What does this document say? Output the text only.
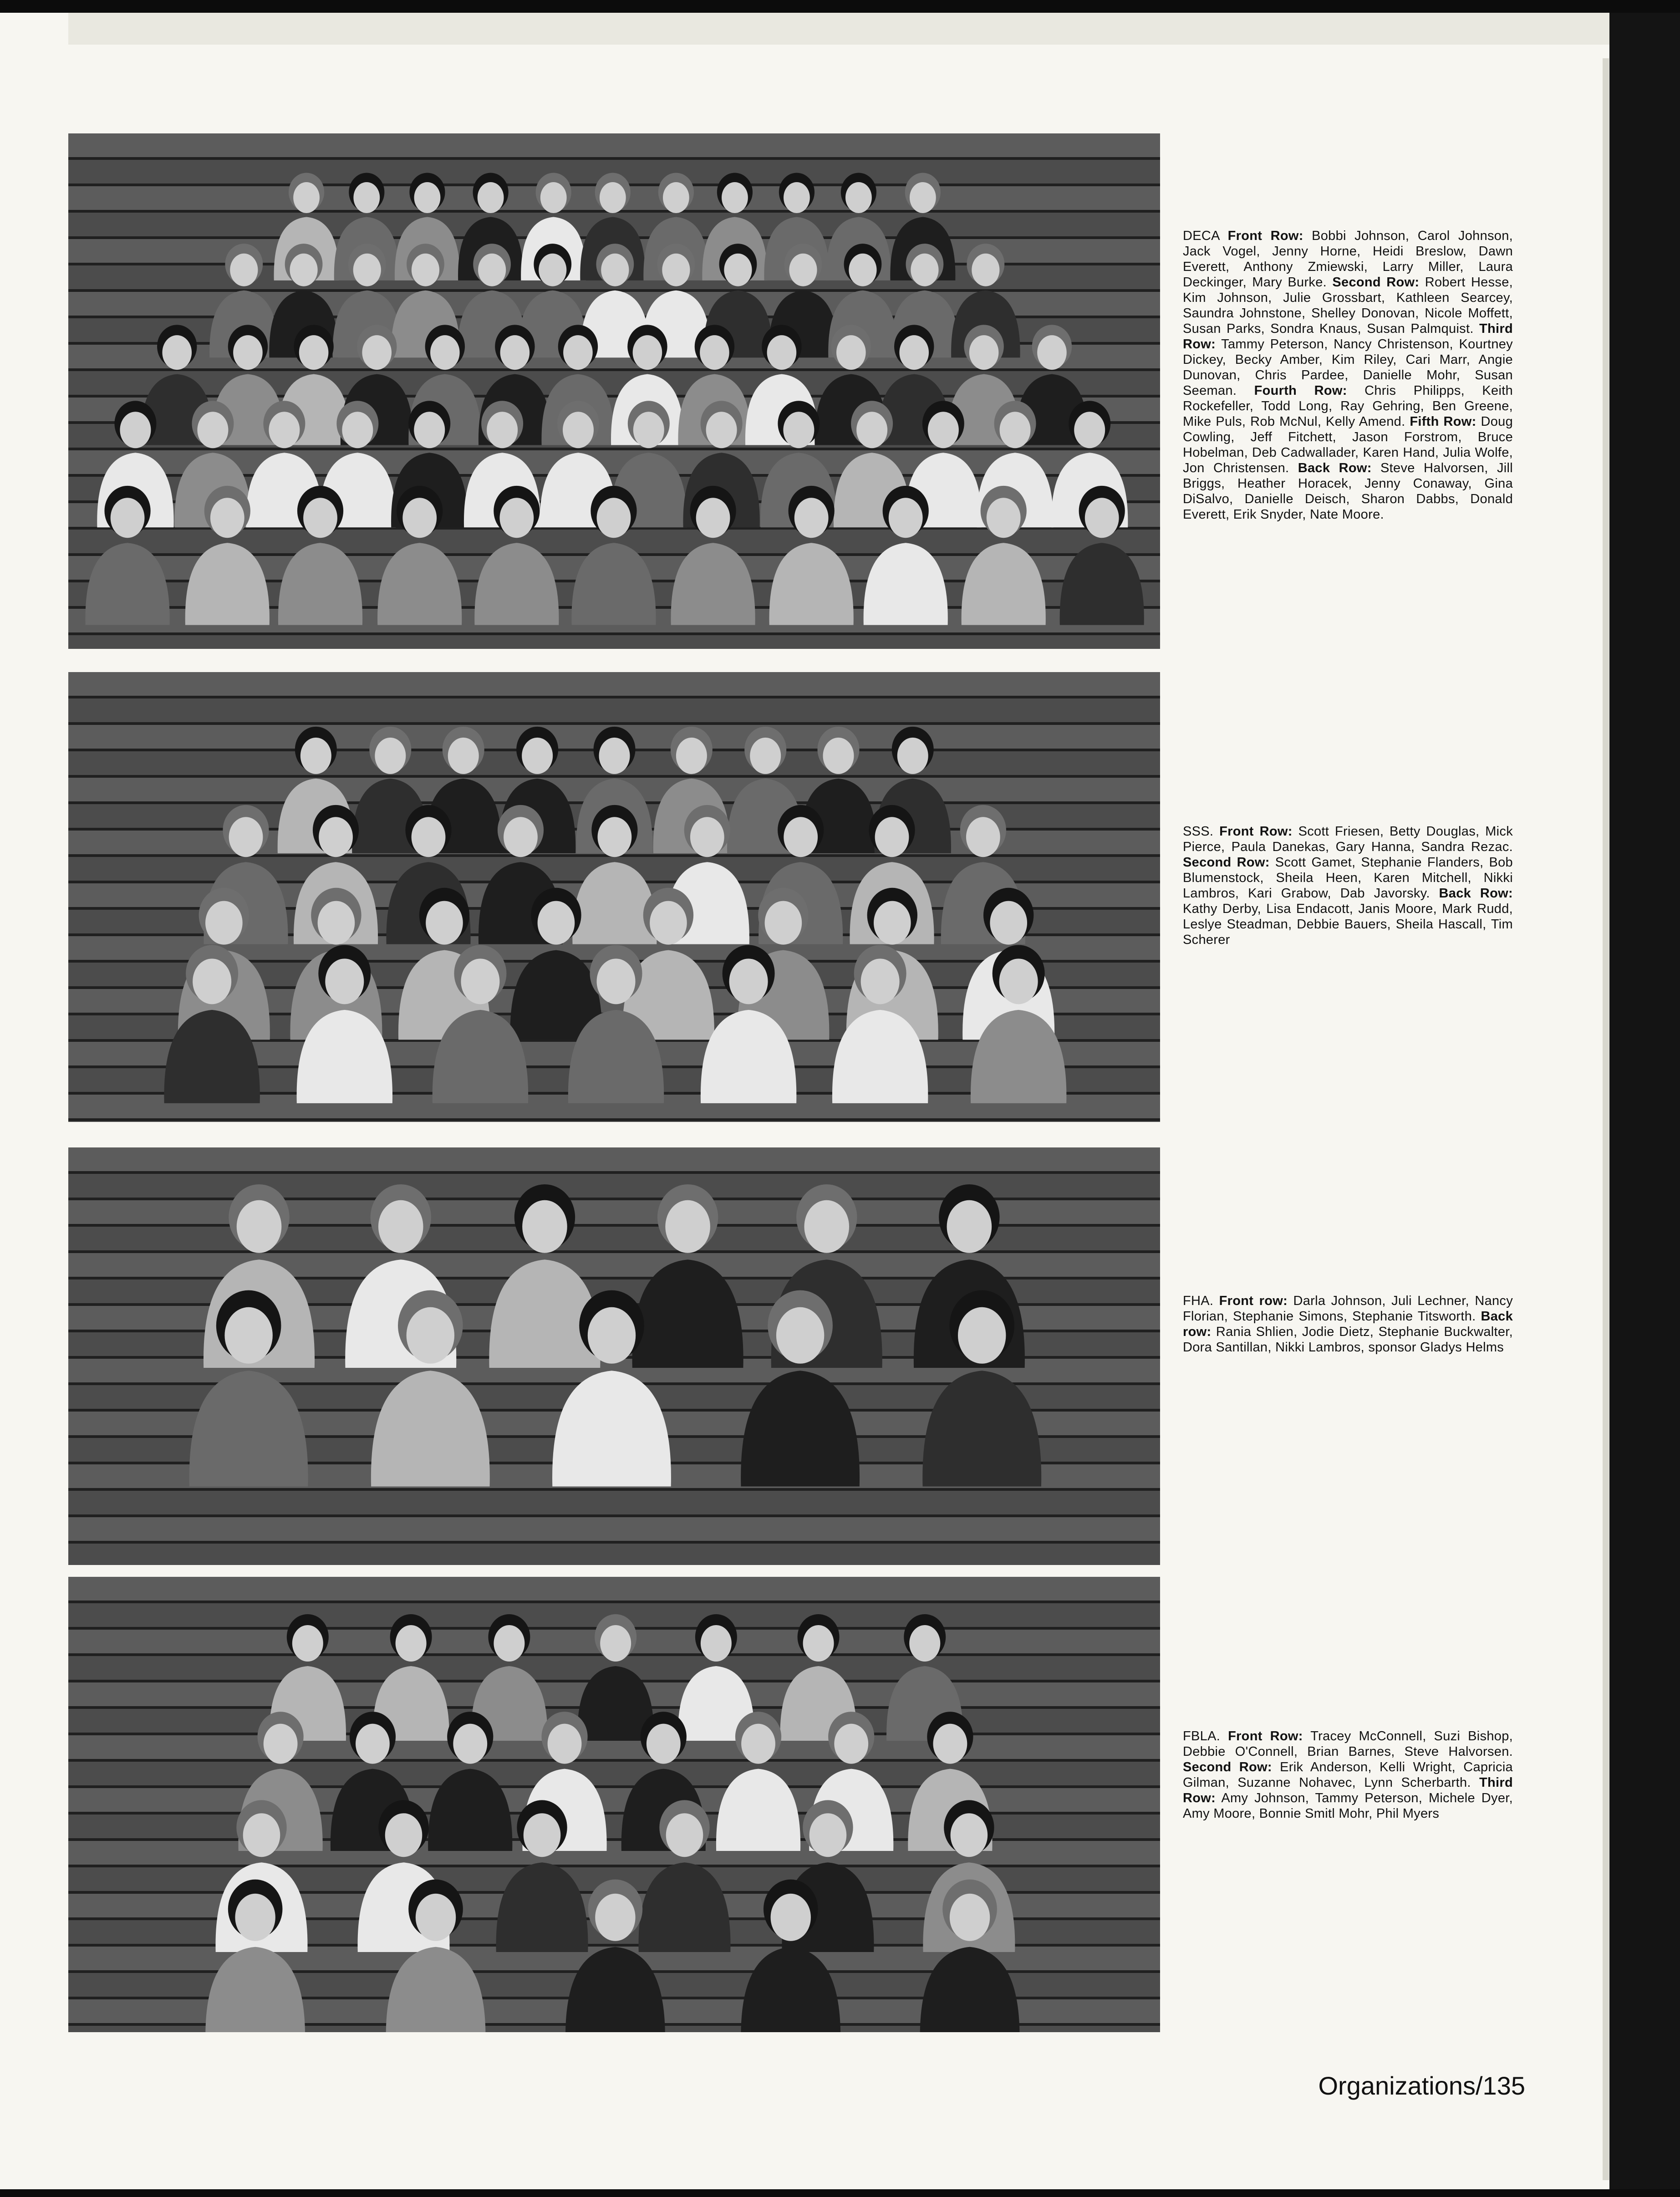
DECA Front Row: Bobbi Johnson, Carol Johnson, Jack Vogel, Jenny Horne, Heidi Breslow, Dawn Everett, Anthony Zmiewski, Larry Miller, Laura Deckinger, Mary Burke. Second Row: Robert Hesse, Kim Johnson, Julie Grossbart, Kathleen Searcey, Saundra Johnstone, Shelley Donovan, Nicole Moffett, Susan Parks, Sondra Knaus, Susan Palmquist. Third Row: Tammy Peterson, Nancy Christenson, Kourtney Dickey, Becky Amber, Kim Riley, Cari Marr, Angie Dunovan, Chris Pardee, Danielle Mohr, Susan Seeman. Fourth Row: Chris Philipps, Keith Rockefeller, Todd Long, Ray Gehring, Ben Greene, Mike Puls, Rob McNul, Kelly Amend. Fifth Row: Doug Cowling, Jeff Fitchett, Jason Forstrom, Bruce Hobelman, Deb Cadwallader, Karen Hand, Julia Wolfe, Jon Christensen. Back Row: Steve Halvorsen, Jill Briggs, Heather Horacek, Jenny Conaway, Gina DiSalvo, Danielle Deisch, Sharon Dabbs, Donald Everett, Erik Snyder, Nate Moore.
SSS. Front Row: Scott Friesen, Betty Douglas, Mick Pierce, Paula Danekas, Gary Hanna, Sandra Rezac. Second Row: Scott Gamet, Stephanie Flanders, Bob Blumenstock, Sheila Heen, Karen Mitchell, Nikki Lambros, Kari Grabow, Dab Javorsky. Back Row: Kathy Derby, Lisa Endacott, Janis Moore, Mark Rudd, Leslye Steadman, Debbie Bauers, Sheila Hascall, Tim Scherer
FHA. Front row: Darla Johnson, Juli Lechner, Nancy Florian, Stephanie Simons, Stephanie Titsworth. Back row: Rania Shlien, Jodie Dietz, Stephanie Buckwalter, Dora Santillan, Nikki Lambros, sponsor Gladys Helms
FBLA. Front Row: Tracey McConnell, Suzi Bishop, Debbie O'Connell, Brian Barnes, Steve Halvorsen. Second Row: Erik Anderson, Kelli Wright, Capricia Gilman, Suzanne Nohavec, Lynn Scherbarth. Third Row: Amy Johnson, Tammy Peterson, Michele Dyer, Amy Moore, Bonnie Smitl Mohr, Phil Myers
Organizations/135
